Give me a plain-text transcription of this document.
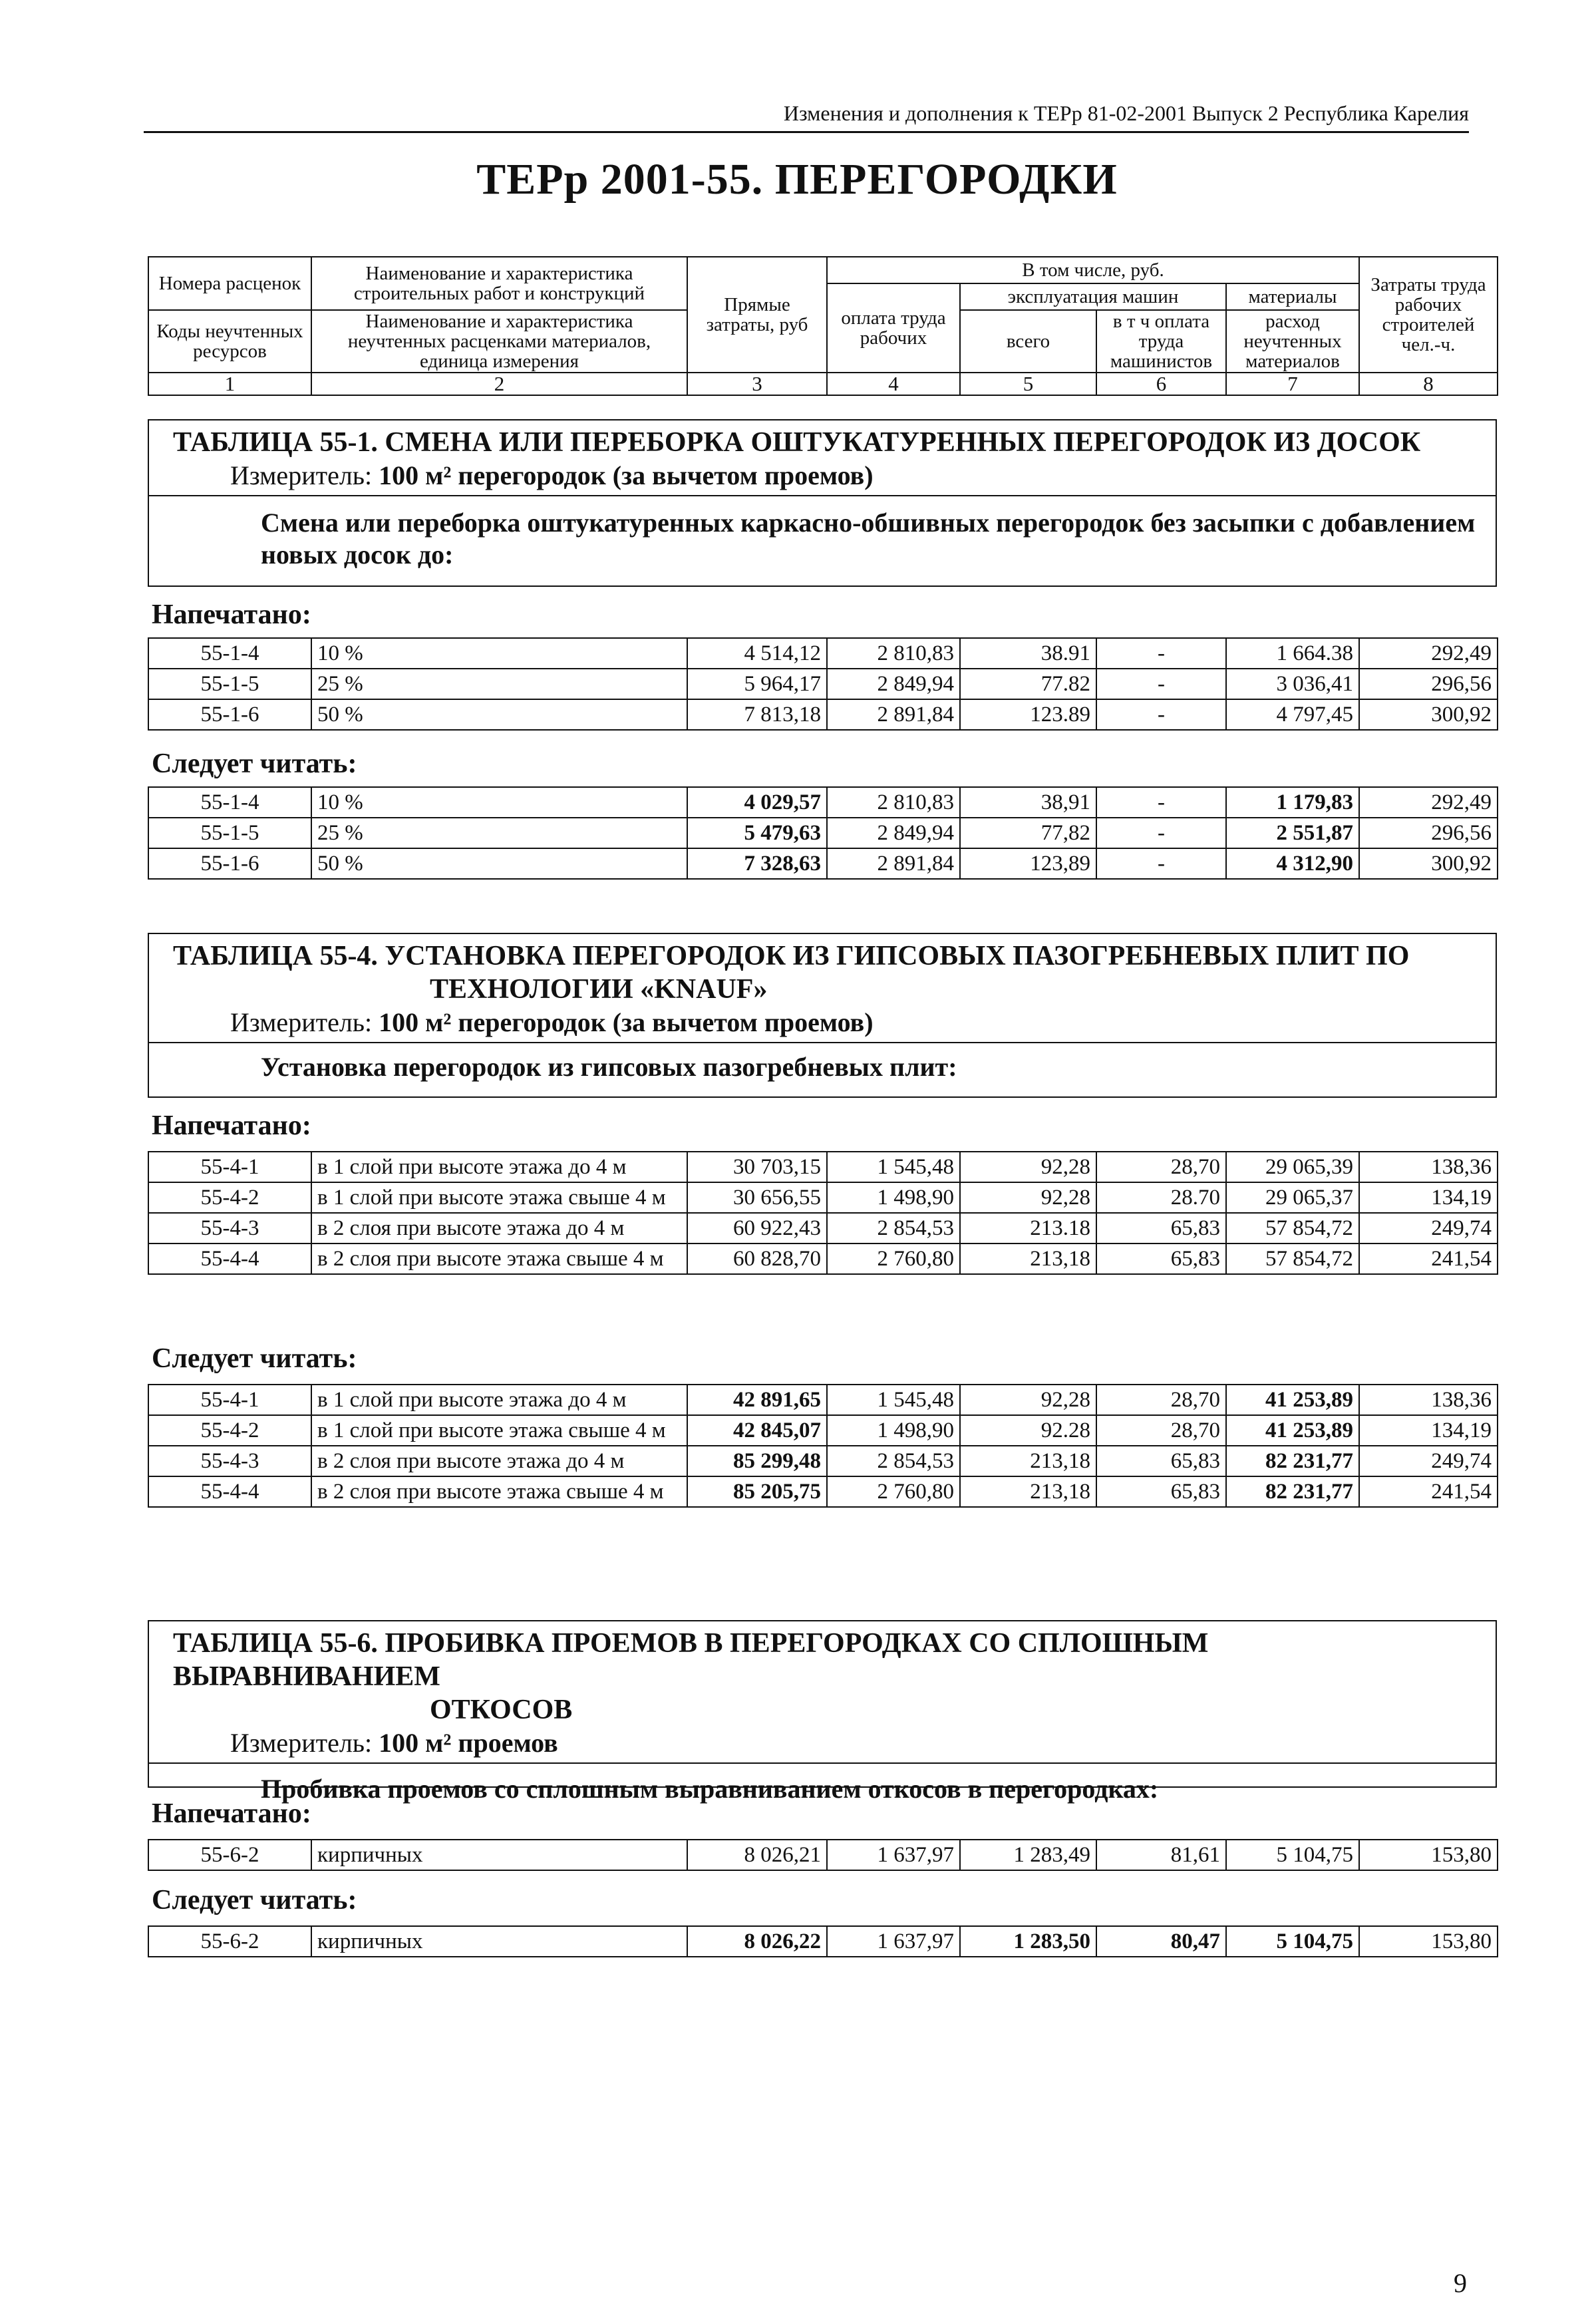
Изменения и дополнения к ТЕРр 81-02-2001 Выпуск 2 Республика Карелия
ТЕРр 2001-55. ПЕРЕГОРОДКИ
Номера расценок	Наименование и характеристика строительных работ и конструкций	Прямые затраты, руб	В том числе, руб.				Затраты труда рабочих строителей чел.-ч.
			оплата труда рабочих	эксплуатация машин		материалы	
Коды неучтенных ресурсов	Наименование и характеристика неучтенных расценками материалов, единица измерения			всего	в т ч оплата труда машинистов	расход неучтенных материалов	

1	2	3	4	5	6	7	8
ТАБЛИЦА 55-1. СМЕНА ИЛИ ПЕРЕБОРКА ОШТУКАТУРЕННЫХ ПЕРЕГОРОДОК ИЗ ДОСОК
Измеритель: 100 м² перегородок (за вычетом проемов)
Смена или переборка оштукатуренных каркасно-обшивных перегородок без засыпки с добавлением новых досок до:
Напечатано:
55-1-4	10 %	4 514,12	2 810,83	38.91	-	1 664.38	292,49
55-1-5	25 %	5 964,17	2 849,94	77.82	-	3 036,41	296,56
55-1-6	50 %	7 813,18	2 891,84	123.89	-	4 797,45	300,92
Следует читать:
55-1-4	10 %	4 029,57	2 810,83	38,91	-	1 179,83	292,49
55-1-5	25 %	5 479,63	2 849,94	77,82	-	2 551,87	296,56
55-1-6	50 %	7 328,63	2 891,84	123,89	-	4 312,90	300,92
ТАБЛИЦА 55-4. УСТАНОВКА ПЕРЕГОРОДОК ИЗ ГИПСОВЫХ ПАЗОГРЕБНЕВЫХ ПЛИТ ПО
ТЕХНОЛОГИИ «KNAUF»
Измеритель: 100 м² перегородок (за вычетом проемов)
Установка перегородок из гипсовых пазогребневых плит:
Напечатано:
55-4-1	в 1 слой при высоте этажа до 4 м	30 703,15	1 545,48	92,28	28,70	29 065,39	138,36
55-4-2	в 1 слой при высоте этажа свыше 4 м	30 656,55	1 498,90	92,28	28.70	29 065,37	134,19
55-4-3	в 2 слоя при высоте этажа до 4 м	60 922,43	2 854,53	213.18	65,83	57 854,72	249,74
55-4-4	в 2 слоя при высоте этажа свыше 4 м	60 828,70	2 760,80	213,18	65,83	57 854,72	241,54
Следует читать:
55-4-1	в 1 слой при высоте этажа до 4 м	42 891,65	1 545,48	92,28	28,70	41 253,89	138,36
55-4-2	в 1 слой при высоте этажа свыше 4 м	42 845,07	1 498,90	92.28	28,70	41 253,89	134,19
55-4-3	в 2 слоя при высоте этажа до 4 м	85 299,48	2 854,53	213,18	65,83	82 231,77	249,74
55-4-4	в 2 слоя при высоте этажа свыше 4 м	85 205,75	2 760,80	213,18	65,83	82 231,77	241,54
ТАБЛИЦА 55-6. ПРОБИВКА ПРОЕМОВ В ПЕРЕГОРОДКАХ СО СПЛОШНЫМ ВЫРАВНИВАНИЕМ
ОТКОСОВ
Измеритель: 100 м² проемов
Пробивка проемов со сплошным выравниванием откосов в перегородках:
Напечатано:
55-6-2	кирпичных	8 026,21	1 637,97	1 283,49	81,61	5 104,75	153,80
Следует читать:
55-6-2	кирпичных	8 026,22	1 637,97	1 283,50	80,47	5 104,75	153,80
9
